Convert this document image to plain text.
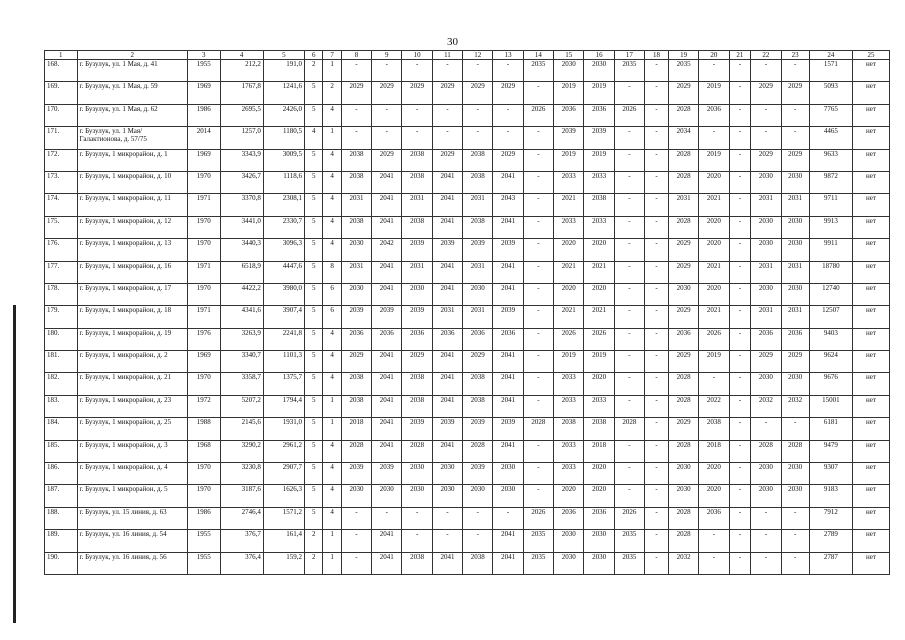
30
1	2	3	4	5	6	7	8	9	10	11	12	13	14	15	16	17	18	19	20	21	22	23	24	25
168.	г. Бузулук, ул. 1 Мая, д. 41	1955	212,2	191,0	2	1	-	-	-	-	-	-	2035	2030	2030	2035	-	2035	-	-	-	-	1571	нет
169.	г. Бузулук, ул. 1 Мая, д. 59	1969	1767,8	1241,6	5	2	2029	2029	2029	2029	2029	2029	-	2019	2019	-	-	2029	2019	-	2029	2029	5093	нет
170.	г. Бузулук, ул. 1 Мая, д. 62	1986	2695,5	2426,0	5	4	-	-	-	-	-	-	2026	2036	2036	2026	-	2028	2036	-	-	-	7765	нет
171.	г. Бузулук, ул. 1 Мая/ Галактионова, д. 57/75	2014	1257,0	1180,5	4	1	-	-	-	-	-	-	-	2039	2039	-	-	2034	-	-	-	-	4465	нет
172.	г. Бузулук, 1 микрорайон, д. 1	1969	3343,9	3009,5	5	4	2038	2029	2038	2029	2038	2029	-	2019	2019	-	-	2028	2019	-	2029	2029	9633	нет
173.	г. Бузулук, 1 микрорайон, д. 10	1970	3426,7	1118,6	5	4	2038	2041	2038	2041	2038	2041	-	2033	2033	-	-	2028	2020	-	2030	2030	9872	нет
174.	г. Бузулук, 1 микрорайон, д. 11	1971	3370,8	2308,1	5	4	2031	2041	2031	2041	2031	2043	-	2021	2038	-	-	2031	2021	-	2031	2031	9711	нет
175.	г. Бузулук, 1 микрорайон, д. 12	1970	3441,0	2330,7	5	4	2038	2041	2038	2041	2038	2041	-	2033	2033	-	-	2028	2020	-	2030	2030	9913	нет
176.	г. Бузулук, 1 микрорайон, д. 13	1970	3440,3	3096,3	5	4	2030	2042	2039	2039	2039	2039	-	2020	2020	-	-	2029	2020	-	2030	2030	9911	нет
177.	г. Бузулук, 1 микрорайон, д. 16	1971	6518,9	4447,6	5	8	2031	2041	2031	2041	2031	2041	-	2021	2021	-	-	2029	2021	-	2031	2031	18780	нет
178.	г. Бузулук, 1 микрорайон, д. 17	1970	4422,2	3980,0	5	6	2030	2041	2030	2041	2030	2041	-	2020	2020	-	-	2030	2020	-	2030	2030	12740	нет
179.	г. Бузулук, 1 микрорайон, д. 18	1971	4341,6	3907,4	5	6	2039	2039	2039	2031	2031	2039	-	2021	2021	-	-	2029	2021	-	2031	2031	12507	нет
180.	г. Бузулук, 1 микрорайон, д. 19	1976	3263,9	2241,8	5	4	2036	2036	2036	2036	2036	2036	-	2026	2026	-	-	2036	2026	-	2036	2036	9403	нет
181.	г. Бузулук, 1 микрорайон, д. 2	1969	3340,7	1101,3	5	4	2029	2041	2029	2041	2029	2041	-	2019	2019	-	-	2029	2019	-	2029	2029	9624	нет
182.	г. Бузулук, 1 микрорайон, д. 21	1970	3358,7	1375,7	5	4	2038	2041	2038	2041	2038	2041	-	2033	2020	-	-	2028	-	-	2030	2030	9676	нет
183.	г. Бузулук, 1 микрорайон, д. 23	1972	5207,2	1794,4	5	1	2038	2041	2038	2041	2038	2041	-	2033	2033	-	-	2028	2022	-	2032	2032	15001	нет
184.	г. Бузулук, 1 микрорайон, д. 25	1988	2145,6	1931,0	5	1	2018	2041	2039	2039	2039	2039	2028	2038	2038	2028	-	2029	2038	-	-	-	6181	нет
185.	г. Бузулук, 1 микрорайон, д. 3	1968	3290,2	2961,2	5	4	2028	2041	2028	2041	2028	2041	-	2033	2018	-	-	2028	2018	-	2028	2028	9479	нет
186.	г. Бузулук, 1 микрорайон, д. 4	1970	3230,8	2907,7	5	4	2039	2039	2030	2030	2039	2030	-	2033	2020	-	-	2030	2020	-	2030	2030	9307	нет
187.	г. Бузулук, 1 микрорайон, д. 5	1970	3187,6	1626,3	5	4	2030	2030	2030	2030	2030	2030	-	2020	2020	-	-	2030	2020	-	2030	2030	9183	нет
188.	г. Бузулук, ул. 15 линия, д. 63	1986	2746,4	1571,2	5	4	-	-	-	-	-	-	2026	2036	2036	2026	-	2028	2036	-	-	-	7912	нет
189.	г. Бузулук, ул. 16 линия, д. 54	1955	376,7	161,4	2	1	-	2041	-	-	-	2041	2035	2030	2030	2035	-	2028	-	-	-	-	2789	нет
190.	г. Бузулук, ул. 16 линия, д. 56	1955	376,4	159,2	2	1	-	2041	2038	2041	2038	2041	2035	2030	2030	2035	-	2032	-	-	-	-	2787	нет
